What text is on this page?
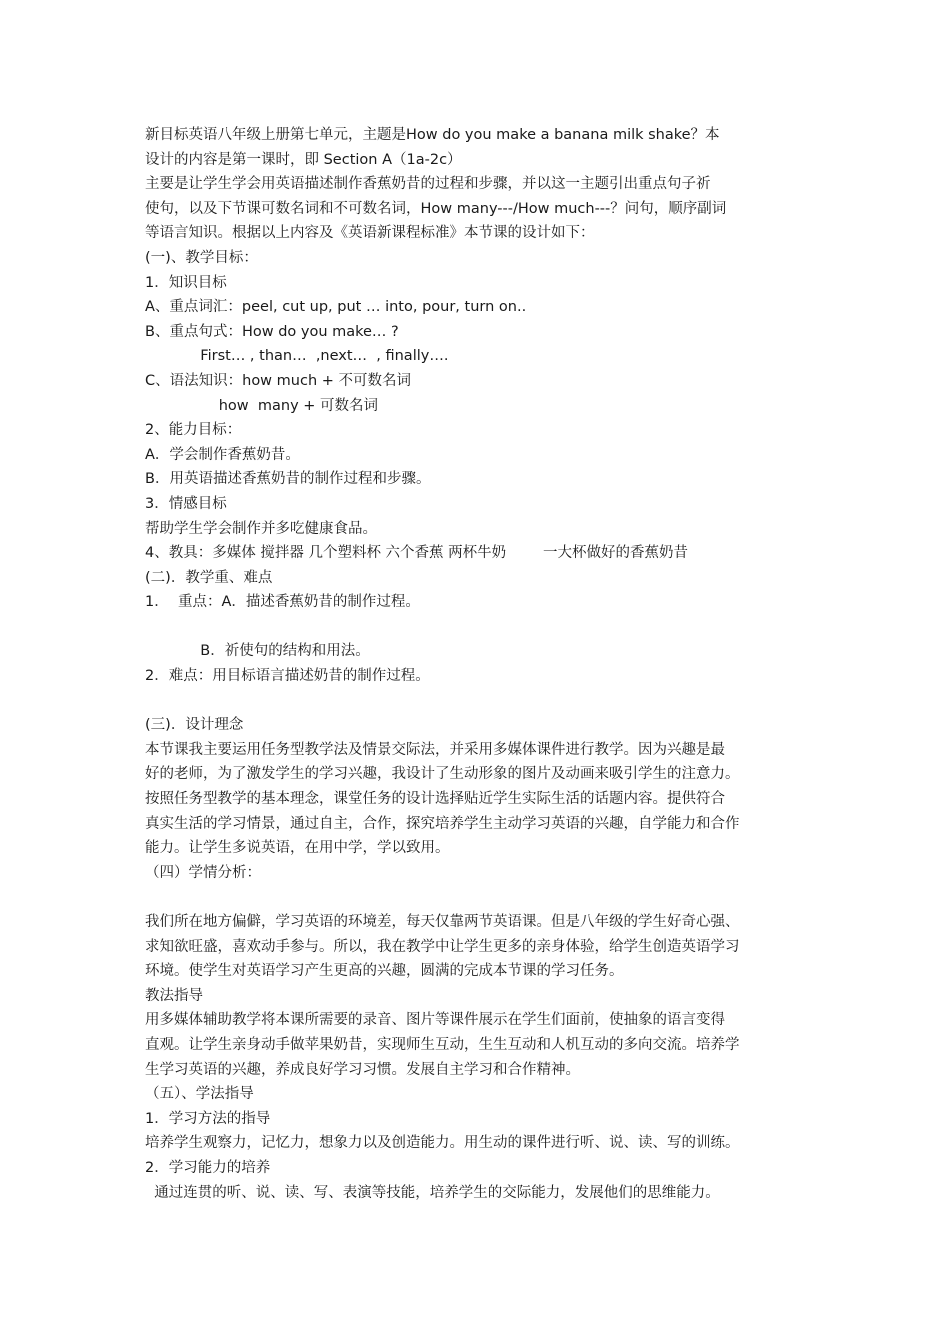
新目标英语八年级上册第七单元，主题是How do you make a banana milk shake？本
设计的内容是第一课时，即 Section A（1a-2c）
主要是让学生学会用英语描述制作香蕉奶昔的过程和步骤，并以这一主题引出重点句子祈
使句，以及下节课可数名词和不可数名词，How many---/How much---？问句，顺序副词
等语言知识。根据以上内容及《英语新课程标准》本节课的设计如下：
(一)、教学目标：
1．知识目标
A、重点词汇：peel, cut up, put … into, pour, turn on..
B、重点句式：How do you make… ?
First… , than…  ,next…  , finally….
C、语法知识：how much + 不可数名词
how  many + 可数名词
2、能力目标：
A．学会制作香蕉奶昔。
B．用英语描述香蕉奶昔的制作过程和步骤。
3．情感目标
帮助学生学会制作并多吃健康食品。
4、教具：多媒体 搅拌器 几个塑料杯 六个香蕉 两杯牛奶        一大杯做好的香蕉奶昔
(二)．教学重、难点
1．  重点：A．描述香蕉奶昔的制作过程。
B．祈使句的结构和用法。
2．难点：用目标语言描述奶昔的制作过程。
(三)．设计理念
本节课我主要运用任务型教学法及情景交际法，并采用多媒体课件进行教学。因为兴趣是最
好的老师，为了激发学生的学习兴趣，我设计了生动形象的图片及动画来吸引学生的注意力。
按照任务型教学的基本理念，课堂任务的设计选择贴近学生实际生活的话题内容。提供符合
真实生活的学习情景，通过自主，合作，探究培养学生主动学习英语的兴趣，自学能力和合作
能力。让学生多说英语，在用中学，学以致用。
（四）学情分析：
我们所在地方偏僻，学习英语的环境差，每天仅靠两节英语课。但是八年级的学生好奇心强、
求知欲旺盛，喜欢动手参与。所以，我在教学中让学生更多的亲身体验，给学生创造英语学习
环境。使学生对英语学习产生更高的兴趣，圆满的完成本节课的学习任务。
教法指导
用多媒体辅助教学将本课所需要的录音、图片等课件展示在学生们面前，使抽象的语言变得
直观。让学生亲身动手做苹果奶昔，实现师生互动，生生互动和人机互动的多向交流。培养学
生学习英语的兴趣，养成良好学习习惯。发展自主学习和合作精神。
（五）、学法指导
1．学习方法的指导
培养学生观察力，记忆力，想象力以及创造能力。用生动的课件进行听、说、读、写的训练。
2．学习能力的培养
通过连贯的听、说、读、写、表演等技能，培养学生的交际能力，发展他们的思维能力。
